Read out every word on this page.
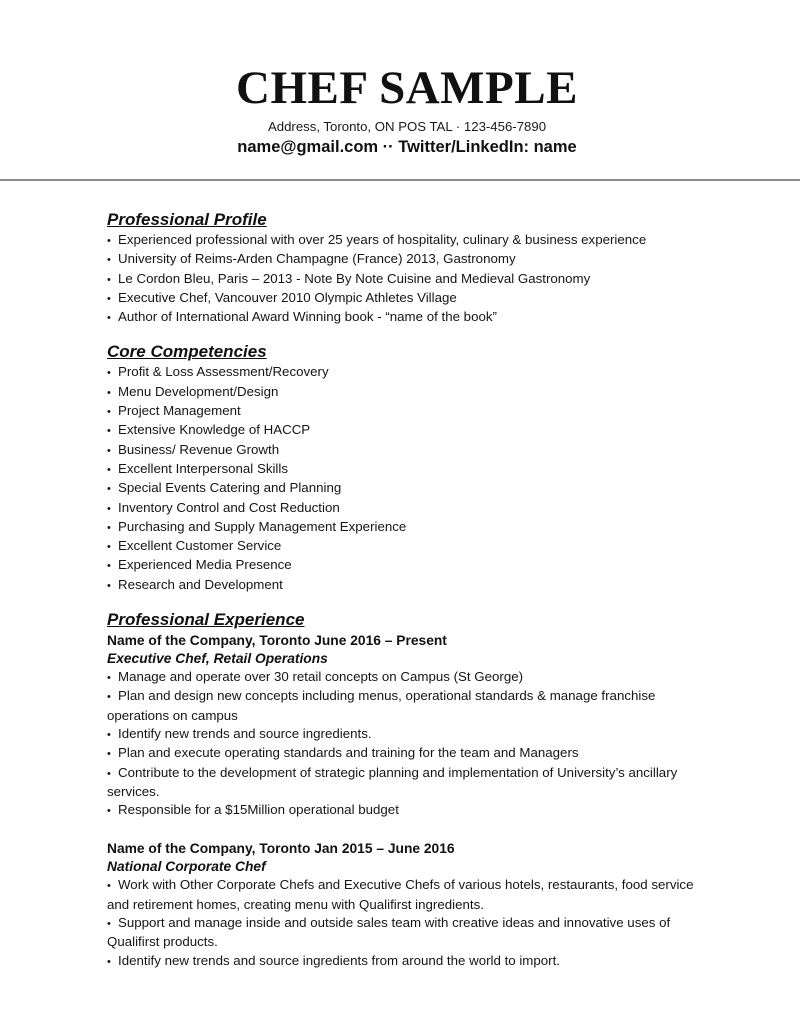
CHEF SAMPLE
Address, Toronto, ON POS TAL · 123-456-7890
name@gmail.com ·· Twitter/LinkedIn: name
Professional Profile
• Experienced professional with over 25 years of hospitality, culinary & business experience
• University of Reims-Arden Champagne (France) 2013, Gastronomy
• Le Cordon Bleu, Paris – 2013 - Note By Note Cuisine and Medieval Gastronomy
• Executive Chef, Vancouver 2010 Olympic Athletes Village
• Author of International Award Winning book - “name of the book”
Core Competencies
• Profit & Loss Assessment/Recovery
• Menu Development/Design
• Project Management
• Extensive Knowledge of HACCP
• Business/ Revenue Growth
• Excellent Interpersonal Skills
• Special Events Catering and Planning
• Inventory Control and Cost Reduction
• Purchasing and Supply Management Experience
• Excellent Customer Service
• Experienced Media Presence
• Research and Development
Professional Experience
Name of the Company, Toronto June 2016 – Present
Executive Chef, Retail Operations
• Manage and operate over 30 retail concepts on Campus (St George)
• Plan and design new concepts including menus, operational standards & manage franchise operations on campus
• Identify new trends and source ingredients.
• Plan and execute operating standards and training for the team and Managers
• Contribute to the development of strategic planning and implementation of University’s ancillary services.
• Responsible for a $15Million operational budget
Name of the Company, Toronto Jan 2015 – June 2016
National Corporate Chef
• Work with Other Corporate Chefs and Executive Chefs of various hotels, restaurants, food service and retirement homes, creating menu with Qualifirst ingredients.
• Support and manage inside and outside sales team with creative ideas and innovative uses of Qualifirst products.
• Identify new trends and source ingredients from around the world to import.
